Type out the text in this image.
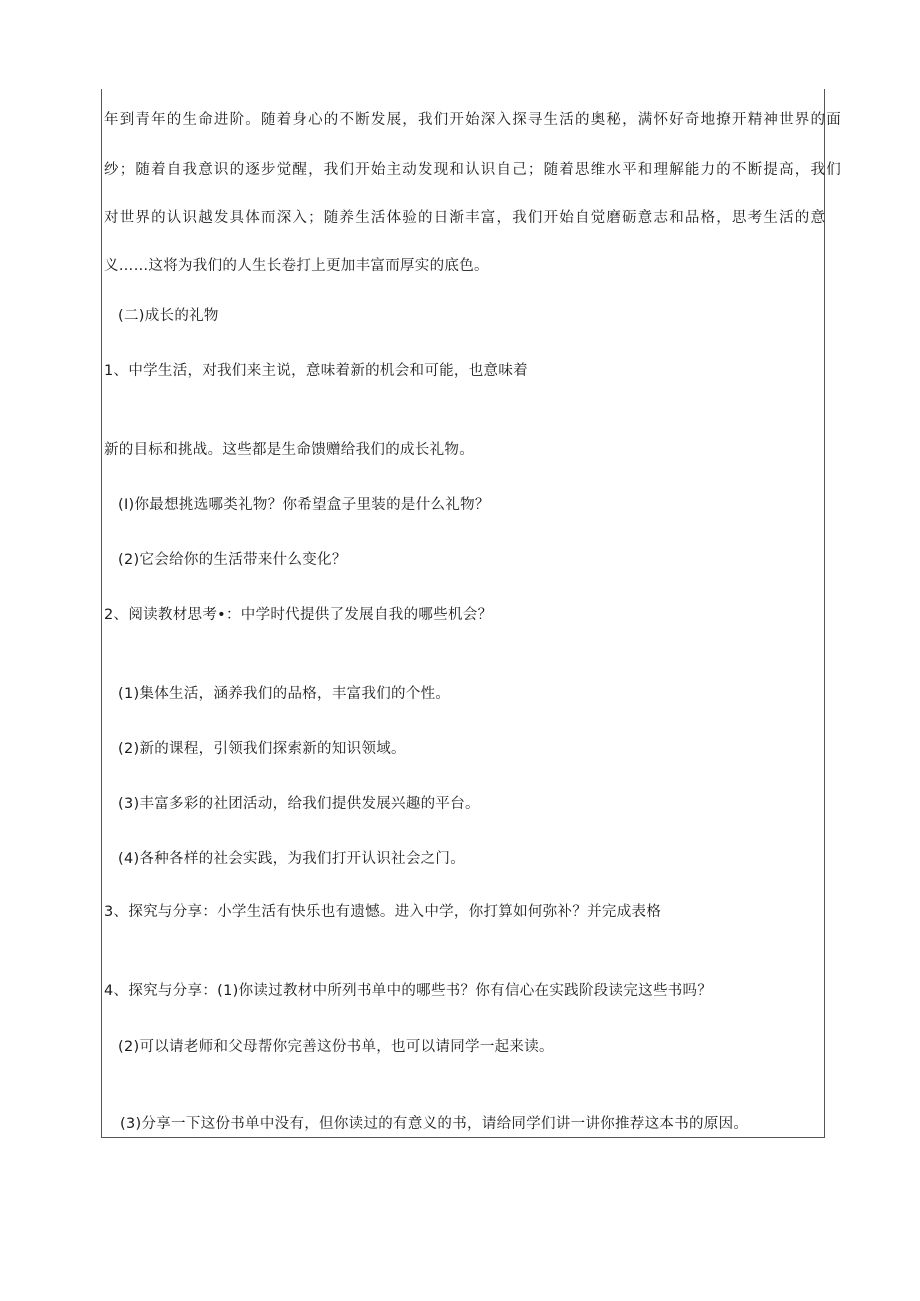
年到青年的生命进阶。随着身心的不断发展，我们开始深入探寻生活的奥秘，满怀好奇地撩开精神世界的面
纱；随着自我意识的逐步觉醒，我们开始主动发现和认识自己；随着思维水平和理解能力的不断提高，我们
对世界的认识越发具体而深入；随养生活体验的日渐丰富，我们开始自觉磨砺意志和品格，思考生活的意
义……这将为我们的人生长卷打上更加丰富而厚实的底色。
(二)成长的礼物
1、中学生活，对我们来主说，意味着新的机会和可能，也意味着
新的目标和挑战。这些都是生命馈赠给我们的成长礼物。
(I)你最想挑选哪类礼物？你希望盒子里装的是什么礼物？
(2)它会给你的生活带来什么变化？
2、阅读教材思考•：中学时代提供了发展自我的哪些机会？
(1)集体生活，涵养我们的品格，丰富我们的个性。
(2)新的课程，引领我们探索新的知识领域。
(3)丰富多彩的社团活动，给我们提供发展兴趣的平台。
(4)各种各样的社会实践，为我们打开认识社会之门。
3、探究与分享：小学生活有快乐也有遗憾。进入中学，你打算如何弥补？并完成表格
4、探究与分享：(1)你读过教材中所列书单中的哪些书？你有信心在实践阶段读完这些书吗？
(2)可以请老师和父母帮你完善这份书单，也可以请同学一起来读。
(3)分享一下这份书单中没有，但你读过的有意义的书，请给同学们讲一讲你推荐这本书的原因。
